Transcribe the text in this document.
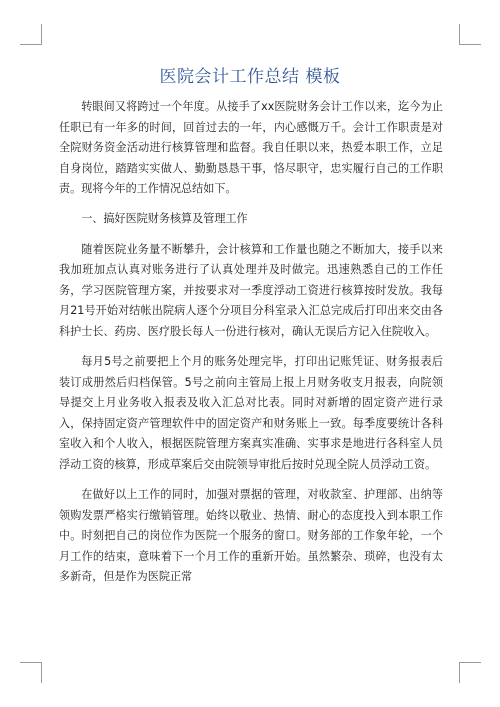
医院会计工作总结 模板

转眼间又将跨过一个年度。从接手了xx医院财务会计工作以来，迄今为止任职已有一年多的时间，回首过去的一年，内心感慨万千。会计工作职责是对全院财务资金活动进行核算管理和监督。我自任职以来，热爱本职工作，立足自身岗位，踏踏实实做人、勤勤恳恳干事，恪尽职守，忠实履行自己的工作职责。现将今年的工作情况总结如下。

一、搞好医院财务核算及管理工作

随着医院业务量不断攀升，会计核算和工作量也随之不断加大，接手以来我加班加点认真对账务进行了认真处理并及时做完。迅速熟悉自己的工作任务，学习医院管理方案，并按要求对一季度浮动工资进行核算按时发放。我每月21号开始对结帐出院病人逐个分项目分科室录入汇总完成后打印出来交由各科护士长、药房、医疗股长每人一份进行核对，确认无误后方记入住院收入。

每月5号之前要把上个月的账务处理完毕，打印出记账凭证、财务报表后装订成册然后归档保管。5号之前向主管局上报上月财务收支月报表，向院领导提交上月业务收入报表及收入汇总对比表。同时对新增的固定资产进行录入，保持固定资产管理软件中的固定资产和财务账上一致。每季度要统计各科室收入和个人收入，根据医院管理方案真实准确、实事求是地进行各科室人员浮动工资的核算，形成草案后交由院领导审批后按时兑现全院人员浮动工资。

在做好以上工作的同时，加强对票据的管理，对收款室、护理部、出纳等领购发票严格实行缴销管理。始终以敬业、热情、耐心的态度投入到本职工作中。时刻把自己的岗位作为医院一个服务的窗口。财务部的工作象年轮，一个月工作的结束，意味着下一个月工作的重新开始。虽然繁杂、琐碎，也没有太多新奇，但是作为医院正常
